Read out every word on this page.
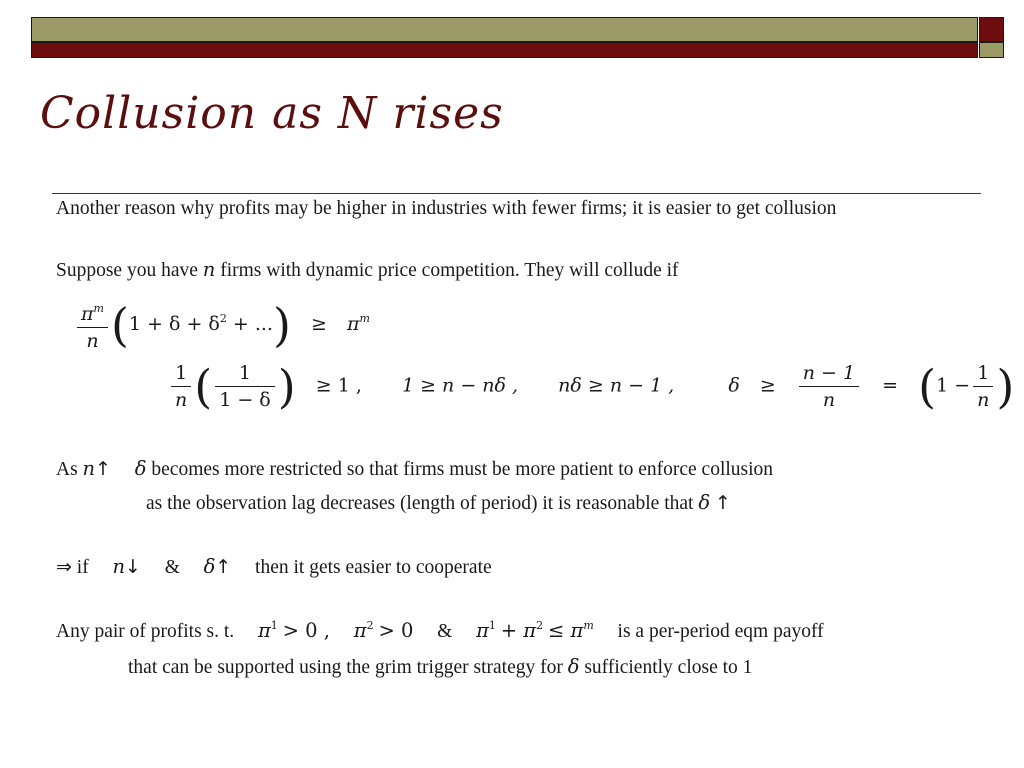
Collusion as N rises
Another reason why profits may be higher in industries with fewer firms; it is easier to get collusion
Suppose you have n firms with dynamic price competition. They will collude if
$\frac{\pi^m}{n} (1 + \delta + \delta^2$ + ...) ≥ $\pi^m$
$\frac{1}{n}$ ( $\frac{1}{1 - \delta}$ ) ≥ 1 , 1 ≥ n − nδ , nδ ≥ n − 1 ,	$\delta \ge \frac{n - 1}{n} = (1 - \frac{1}{n}$ )
As n↑ δ becomes more restricted so that firms must be more patient to enforce collusion
as the observation lag decreases (length of period) it is reasonable that δ ↑
⇒ if n↓ & δ↑ then it gets easier to cooperate
Any pair of profits s. t. $\pi^1 > 0$ , $\pi^2 > 0$ & $\pi^1 + \pi^2 \le \pi^m$ is a per-period eqm payoff
that can be supported using the grim trigger strategy for δ sufficiently close to 1
